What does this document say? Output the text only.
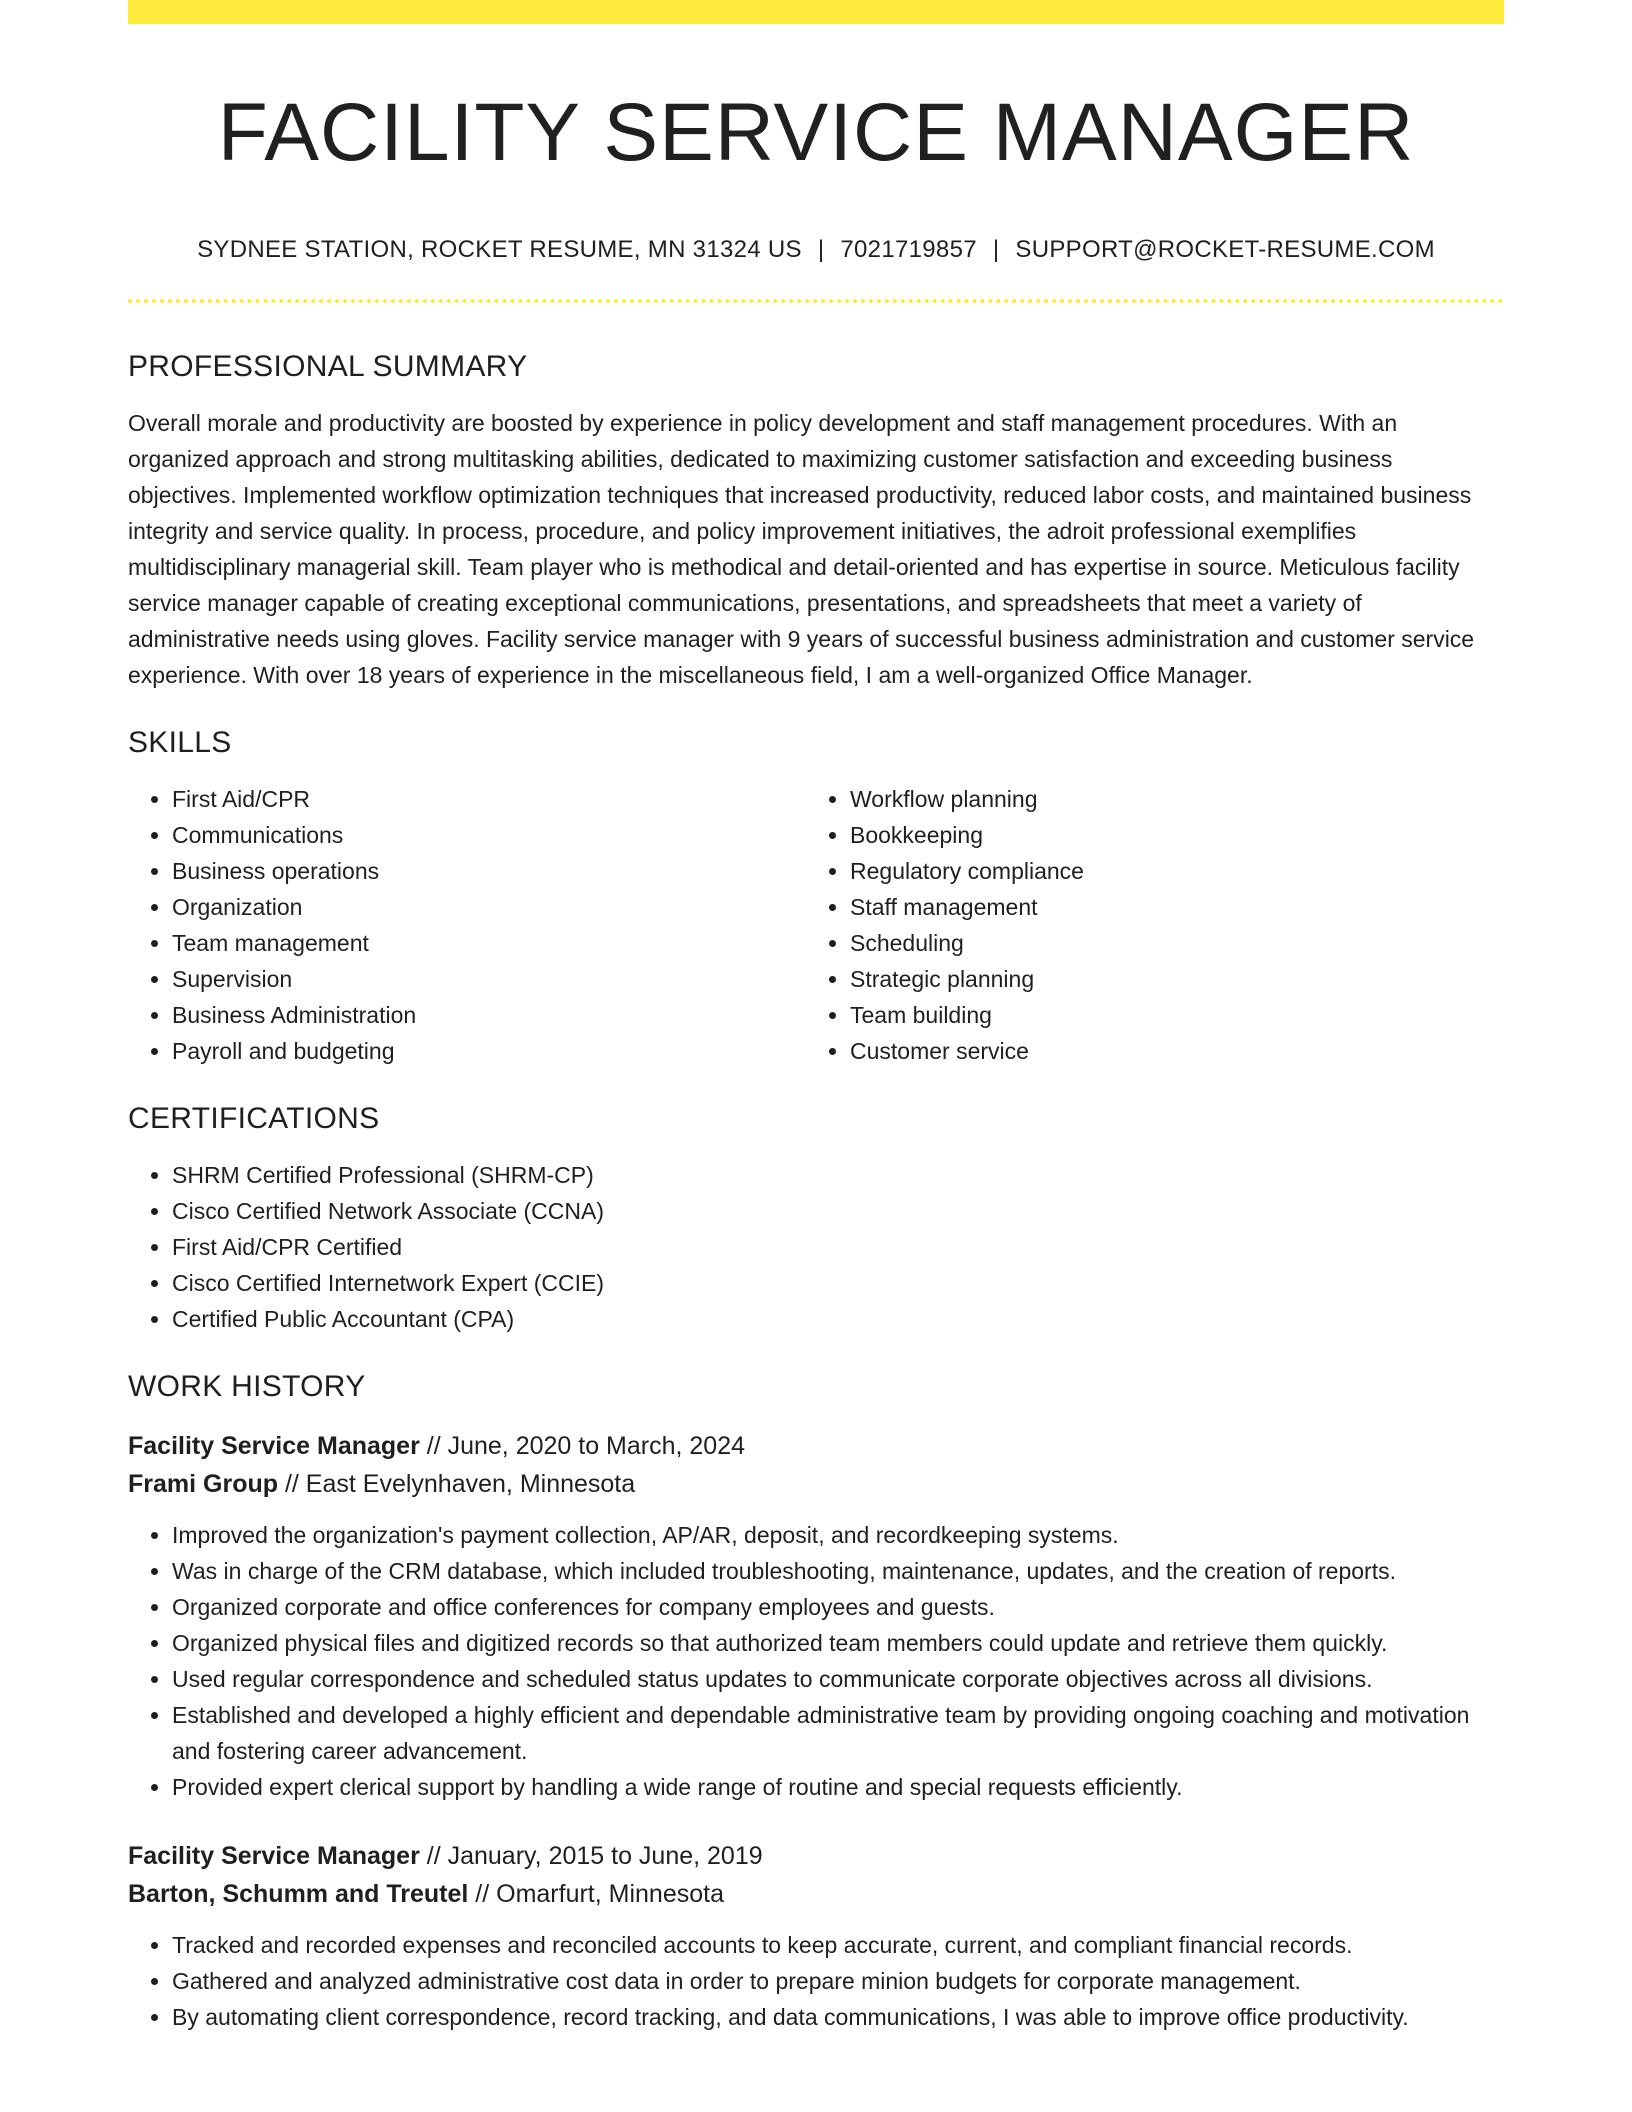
FACILITY SERVICE MANAGER
SYDNEE STATION, ROCKET RESUME, MN 31324 US | 7021719857 | SUPPORT@ROCKET-RESUME.COM
PROFESSIONAL SUMMARY

Overall morale and productivity are boosted by experience in policy development and staff management procedures. With an organized approach and strong multitasking abilities, dedicated to maximizing customer satisfaction and exceeding business objectives. Implemented workflow optimization techniques that increased productivity, reduced labor costs, and maintained business integrity and service quality. In process, procedure, and policy improvement initiatives, the adroit professional exemplifies multidisciplinary managerial skill. Team player who is methodical and detail-oriented and has expertise in source. Meticulous facility service manager capable of creating exceptional communications, presentations, and spreadsheets that meet a variety of administrative needs using gloves. Facility service manager with 9 years of successful business administration and customer service experience. With over 18 years of experience in the miscellaneous field, I am a well-organized Office Manager.

SKILLS
• First Aid/CPR
• Communications
• Business operations
• Organization
• Team management
• Supervision
• Business Administration
• Payroll and budgeting
• Workflow planning
• Bookkeeping
• Regulatory compliance
• Staff management
• Scheduling
• Strategic planning
• Team building
• Customer service
CERTIFICATIONS
• SHRM Certified Professional (SHRM-CP)
• Cisco Certified Network Associate (CCNA)
• First Aid/CPR Certified
• Cisco Certified Internetwork Expert (CCIE)
• Certified Public Accountant (CPA)
WORK HISTORY
Facility Service Manager // June, 2020 to March, 2024
Frami Group // East Evelynhaven, Minnesota
• Improved the organization's payment collection, AP/AR, deposit, and recordkeeping systems.
• Was in charge of the CRM database, which included troubleshooting, maintenance, updates, and the creation of reports.
• Organized corporate and office conferences for company employees and guests.
• Organized physical files and digitized records so that authorized team members could update and retrieve them quickly.
• Used regular correspondence and scheduled status updates to communicate corporate objectives across all divisions.
• Established and developed a highly efficient and dependable administrative team by providing ongoing coaching and motivation and fostering career advancement.
• Provided expert clerical support by handling a wide range of routine and special requests efficiently.
Facility Service Manager // January, 2015 to June, 2019
Barton, Schumm and Treutel // Omarfurt, Minnesota
• Tracked and recorded expenses and reconciled accounts to keep accurate, current, and compliant financial records.
• Gathered and analyzed administrative cost data in order to prepare minion budgets for corporate management.
• By automating client correspondence, record tracking, and data communications, I was able to improve office productivity.
